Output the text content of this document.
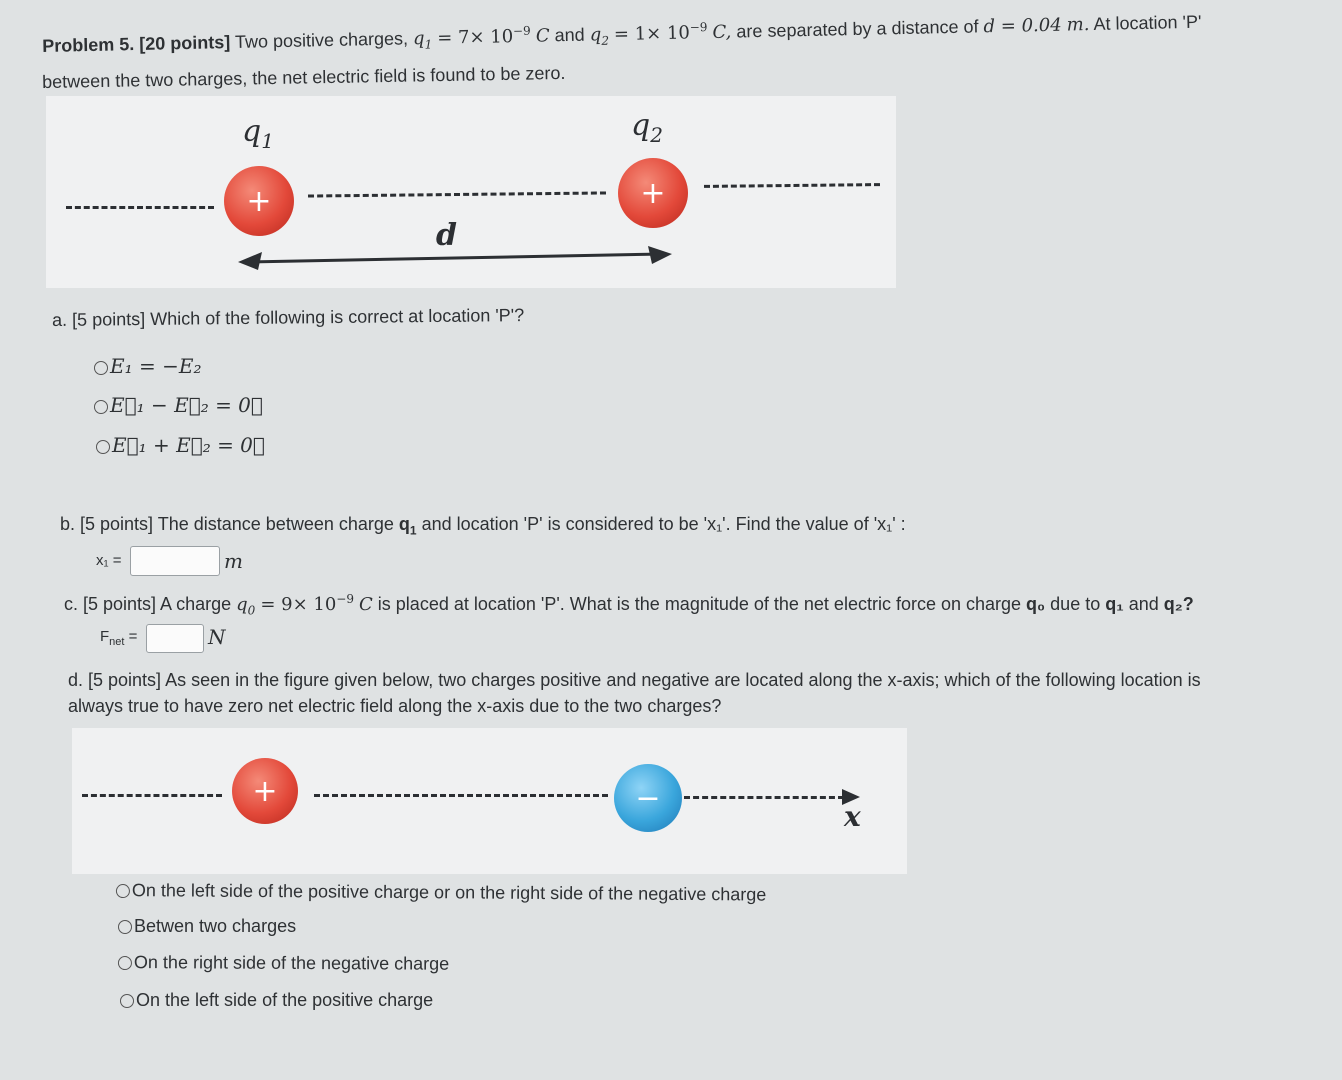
Problem 5. [20 points] Two positive charges, $q_1 = 7\times 10^{-9}$ C and $q_2 = 1\times 10^{-9}$ C, are separated by a distance of d = 0.04 m. At location 'P'
between the two charges, the net electric field is found to be zero.
$q_1$	$q_2$
+	+
d
a. [5 points] Which of the following is correct at location 'P'?
E₁ = −E₂
E⃗₁ − E⃗₂ = 0⃗
E⃗₁ + E⃗₂ = 0⃗
b. [5 points] The distance between charge $q_1$ and location 'P' is considered to be 'x₁'. Find the value of 'x₁' :
x₁ =	m
c. [5 points] A charge $q_0 = 9\times 10^{-9}$ C is placed at location 'P'. What is the magnitude of the net electric force on charge q₀ due to q₁ and q₂?
$F_{net}$ =	N
d. [5 points] As seen in the figure given below, two charges positive and negative are located along the x-axis; which of the following location is
always true to have zero net electric field along the x-axis due to the two charges?
+	−
x
On the left side of the positive charge or on the right side of the negative charge
Betwen two charges
On the right side of the negative charge
On the left side of the positive charge
